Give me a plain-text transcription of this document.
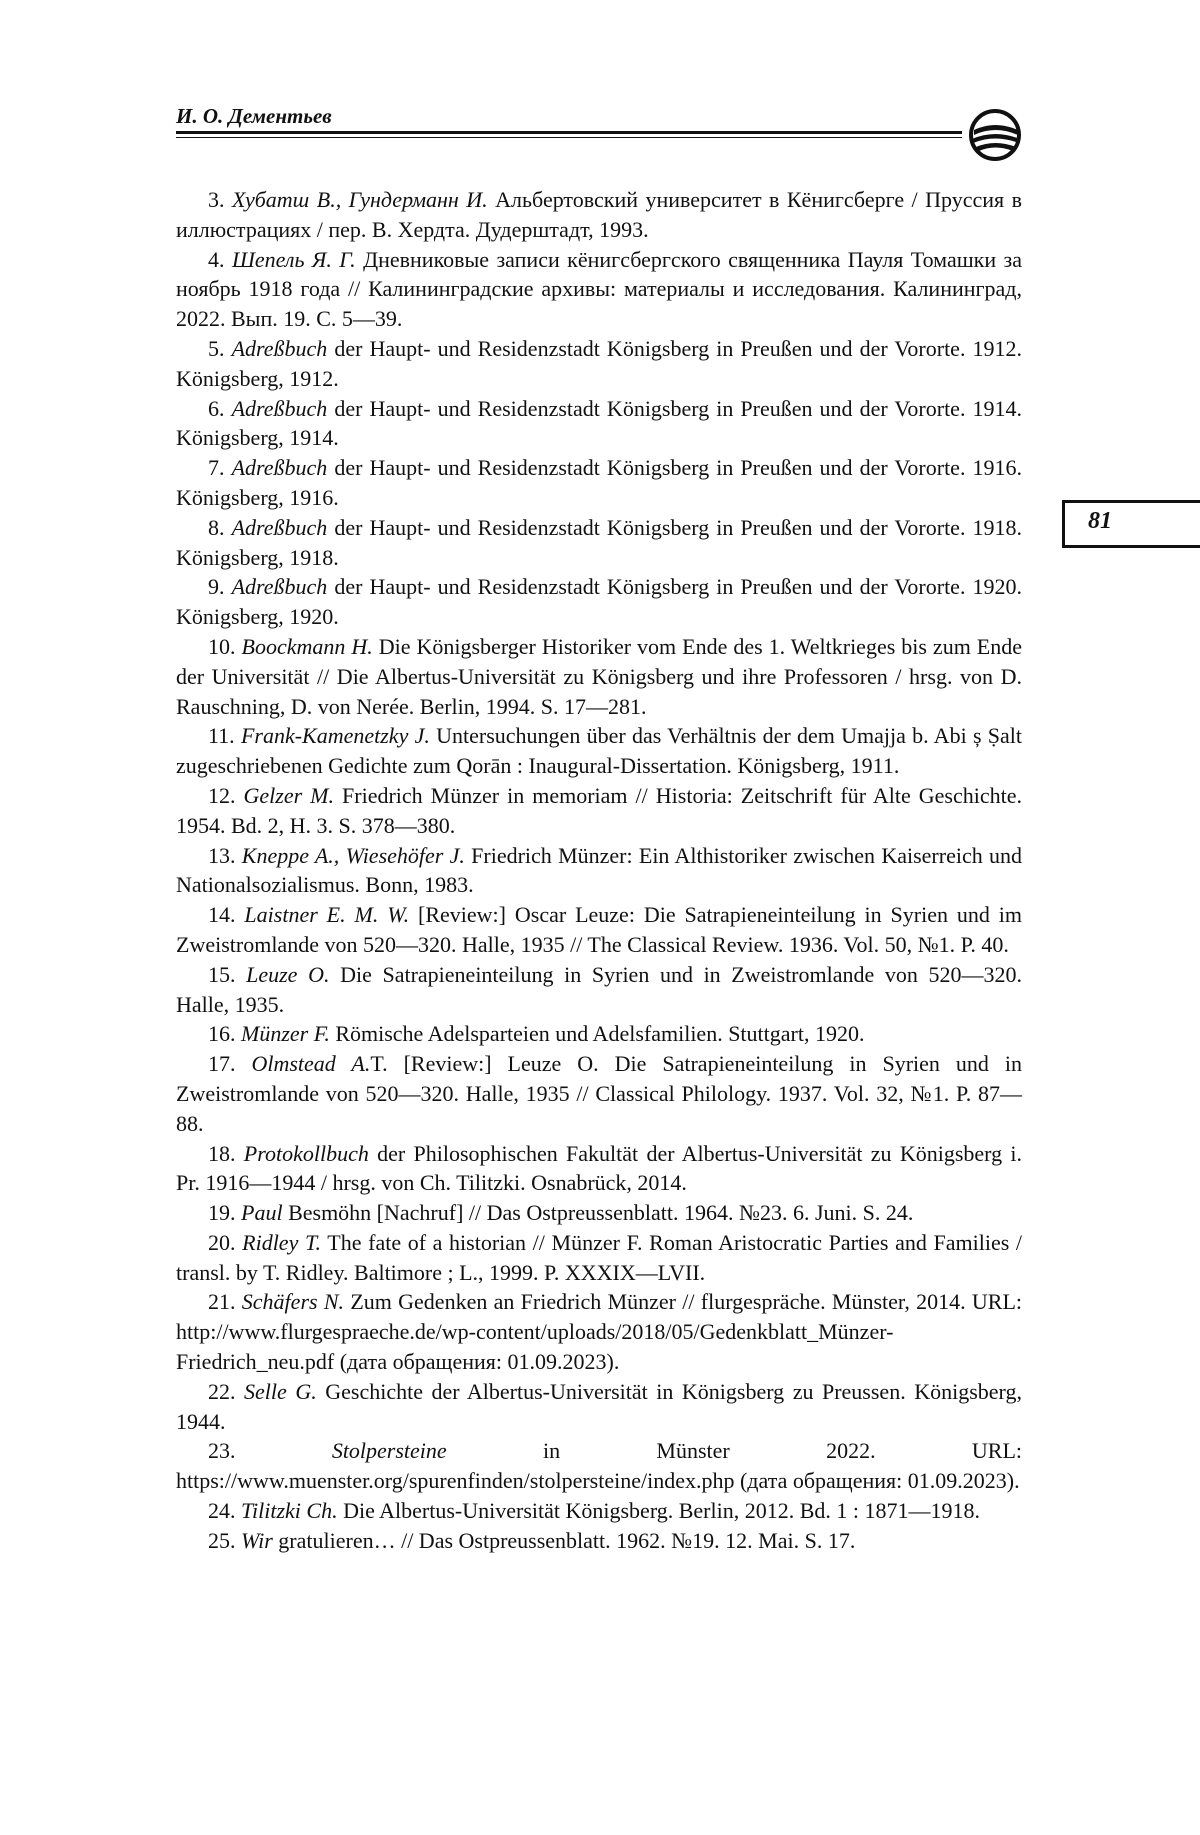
И. О. Дементьев
81

3. Хубатш В., Гундерманн И. Альбертовский университет в Кёнигсберге / Пруссия в иллюстрациях / пер. В. Хердта. Дудерштадт, 1993.

4. Шепель Я. Г. Дневниковые записи кёнигсбергского священника Пауля Томашки за ноябрь 1918 года // Калининградские архивы: материалы и исследования. Калининград, 2022. Вып. 19. С. 5—39.

5. Adreßbuch der Haupt- und Residenzstadt Königsberg in Preußen und der Vororte. 1912. Königsberg, 1912.

6. Adreßbuch der Haupt- und Residenzstadt Königsberg in Preußen und der Vororte. 1914. Königsberg, 1914.

7. Adreßbuch der Haupt- und Residenzstadt Königsberg in Preußen und der Vororte. 1916. Königsberg, 1916.

8. Adreßbuch der Haupt- und Residenzstadt Königsberg in Preußen und der Vororte. 1918. Königsberg, 1918.

9. Adreßbuch der Haupt- und Residenzstadt Königsberg in Preußen und der Vororte. 1920. Königsberg, 1920.

10. Boockmann H. Die Königsberger Historiker vom Ende des 1. Weltkrieges bis zum Ende der Universität // Die Albertus-Universität zu Königsberg und ihre Professoren / hrsg. von D. Rauschning, D. von Nerée. Berlin, 1994. S. 17—281.

11. Frank-Kamenetzky J. Untersuchungen über das Verhältnis der dem Umajja b. Abi ș Ṣalt zugeschriebenen Gedichte zum Qorān : Inaugural-Dissertation. Königsberg, 1911.

12. Gelzer M. Friedrich Münzer in memoriam // Historia: Zeitschrift für Alte Geschichte. 1954. Bd. 2, H. 3. S. 378—380.

13. Kneppe A., Wiesehöfer J. Friedrich Münzer: Ein Althistoriker zwischen Kaiserreich und Nationalsozialismus. Bonn, 1983.

14. Laistner E. M. W. [Review:] Oscar Leuze: Die Satrapieneinteilung in Syrien und im Zweistromlande von 520—320. Halle, 1935 // The Classical Review. 1936. Vol. 50, №1. P. 40.

15. Leuze O. Die Satrapieneinteilung in Syrien und in Zweistromlande von 520—320. Halle, 1935.

16. Münzer F. Römische Adelsparteien und Adelsfamilien. Stuttgart, 1920.

17. Olmstead A.T. [Review:] Leuze O. Die Satrapieneinteilung in Syrien und in Zweistromlande von 520—320. Halle, 1935 // Classical Philology. 1937. Vol. 32, №1. P. 87—88.

18. Protokollbuch der Philosophischen Fakultät der Albertus-Universität zu Königsberg i. Pr. 1916—1944 / hrsg. von Ch. Tilitzki. Osnabrück, 2014.

19. Paul Besmöhn [Nachruf] // Das Ostpreussenblatt. 1964. №23. 6. Juni. S. 24.

20. Ridley T. The fate of a historian // Münzer F. Roman Aristocratic Parties and Families / transl. by T. Ridley. Baltimore ; L., 1999. P. XXXIX—LVII.

21. Schäfers N. Zum Gedenken an Friedrich Münzer // flurgespräche. Münster, 2014. URL: http://www.flurgespraeche.de/wp-content/uploads/2018/05/Gedenkblatt_Münzer-Friedrich_neu.pdf (дата обращения: 01.09.2023).

22. Selle G. Geschichte der Albertus-Universität in Königsberg zu Preussen. Königsberg, 1944.

23.	Stolpersteine in Münster 2022. URL: https://www.muenster.org/spurenfinden/stolpersteine/index.php (дата обращения: 01.09.2023).

24. Tilitzki Ch. Die Albertus-Universität Königsberg. Berlin, 2012. Bd. 1 : 1871—1918.

25. Wir gratulieren… // Das Ostpreussenblatt. 1962. №19. 12. Mai. S. 17.
